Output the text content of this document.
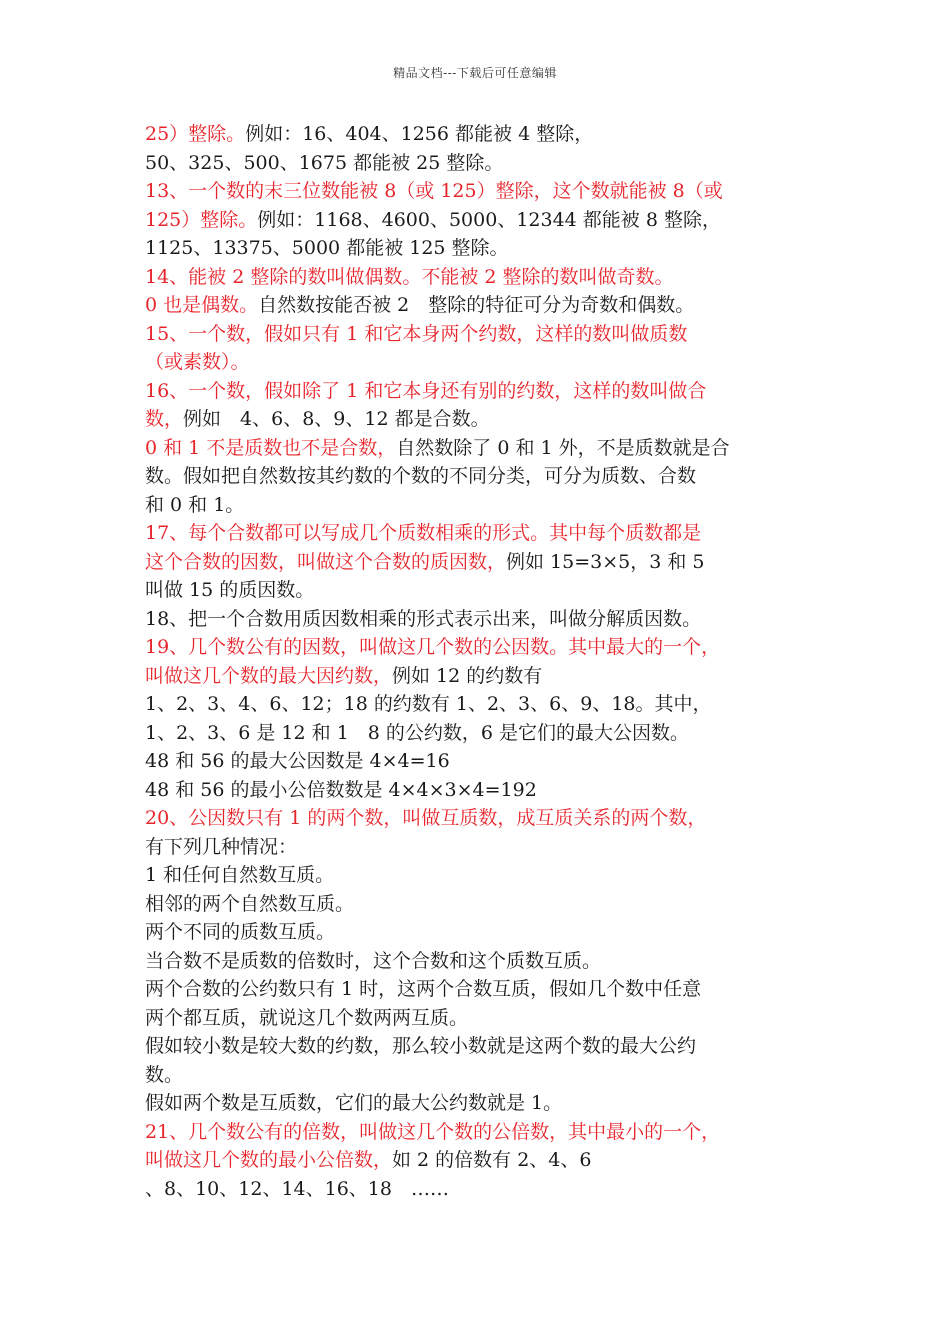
精品文档---下载后可任意编辑
25）整除。例如：16、404、1256 都能被 4 整除，
50、325、500、1675 都能被 25 整除。
13、一个数的末三位数能被 8（或 125）整除，这个数就能被 8（或
125）整除。例如：1168、4600、5000、12344 都能被 8 整除，
1125、13375、5000 都能被 125 整除。
14、能被 2 整除的数叫做偶数。不能被 2 整除的数叫做奇数。
0 也是偶数。自然数按能否被 2　整除的特征可分为奇数和偶数。
15、一个数，假如只有 1 和它本身两个约数，这样的数叫做质数
（或素数）。
16、一个数，假如除了 1 和它本身还有别的约数，这样的数叫做合
数，例如　4、6、8、9、12 都是合数。
0 和 1 不是质数也不是合数，自然数除了 0 和 1 外，不是质数就是合
数。假如把自然数按其约数的个数的不同分类，可分为质数、合数
和 0 和 1。
17、每个合数都可以写成几个质数相乘的形式。其中每个质数都是
这个合数的因数，叫做这个合数的质因数，例如 15=3×5，3 和 5
叫做 15 的质因数。
18、把一个合数用质因数相乘的形式表示出来，叫做分解质因数。
19、几个数公有的因数，叫做这几个数的公因数。其中最大的一个，
叫做这几个数的最大因约数，例如 12 的约数有
1、2、3、4、6、12；18 的约数有 1、2、3、6、9、18。其中，
1、2、3、6 是 12 和 1　8 的公约数，6 是它们的最大公因数。
48 和 56 的最大公因数是 4×4=16
48 和 56 的最小公倍数数是 4×4×3×4=192
20、公因数只有 1 的两个数，叫做互质数，成互质关系的两个数，
有下列几种情况：
1 和任何自然数互质。
相邻的两个自然数互质。
两个不同的质数互质。
当合数不是质数的倍数时，这个合数和这个质数互质。
两个合数的公约数只有 1 时，这两个合数互质，假如几个数中任意
两个都互质，就说这几个数两两互质。
假如较小数是较大数的约数，那么较小数就是这两个数的最大公约
数。
假如两个数是互质数，它们的最大公约数就是 1。
21、几个数公有的倍数，叫做这几个数的公倍数，其中最小的一个，
叫做这几个数的最小公倍数，如 2 的倍数有 2、4、6
、8、10、12、14、16、18　……
